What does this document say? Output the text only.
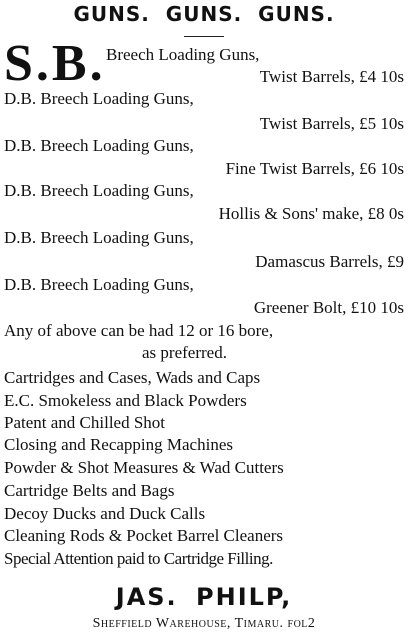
GUNS. GUNS. GUNS.
S.B. Breech Loading Guns,
Twist Barrels, £4 10s
D.B. Breech Loading Guns,
Twist Barrels, £5 10s
D.B. Breech Loading Guns,
Fine Twist Barrels, £6 10s
D.B. Breech Loading Guns,
Hollis & Sons' make, £8 0s
D.B. Breech Loading Guns,
Damascus Barrels, £9
D.B. Breech Loading Guns,
Greener Bolt, £10 10s
Any of above can be had 12 or 16 bore,
as preferred.
Cartridges and Cases, Wads and Caps
E.C. Smokeless and Black Powders
Patent and Chilled Shot
Closing and Recapping Machines
Powder & Shot Measures & Wad Cutters
Cartridge Belts and Bags
Decoy Ducks and Duck Calls
Cleaning Rods & Pocket Barrel Cleaners
Special Attention paid to Cartridge Filling.
JAS. PHILP,
Sheffield Warehouse, Timaru. fol2
